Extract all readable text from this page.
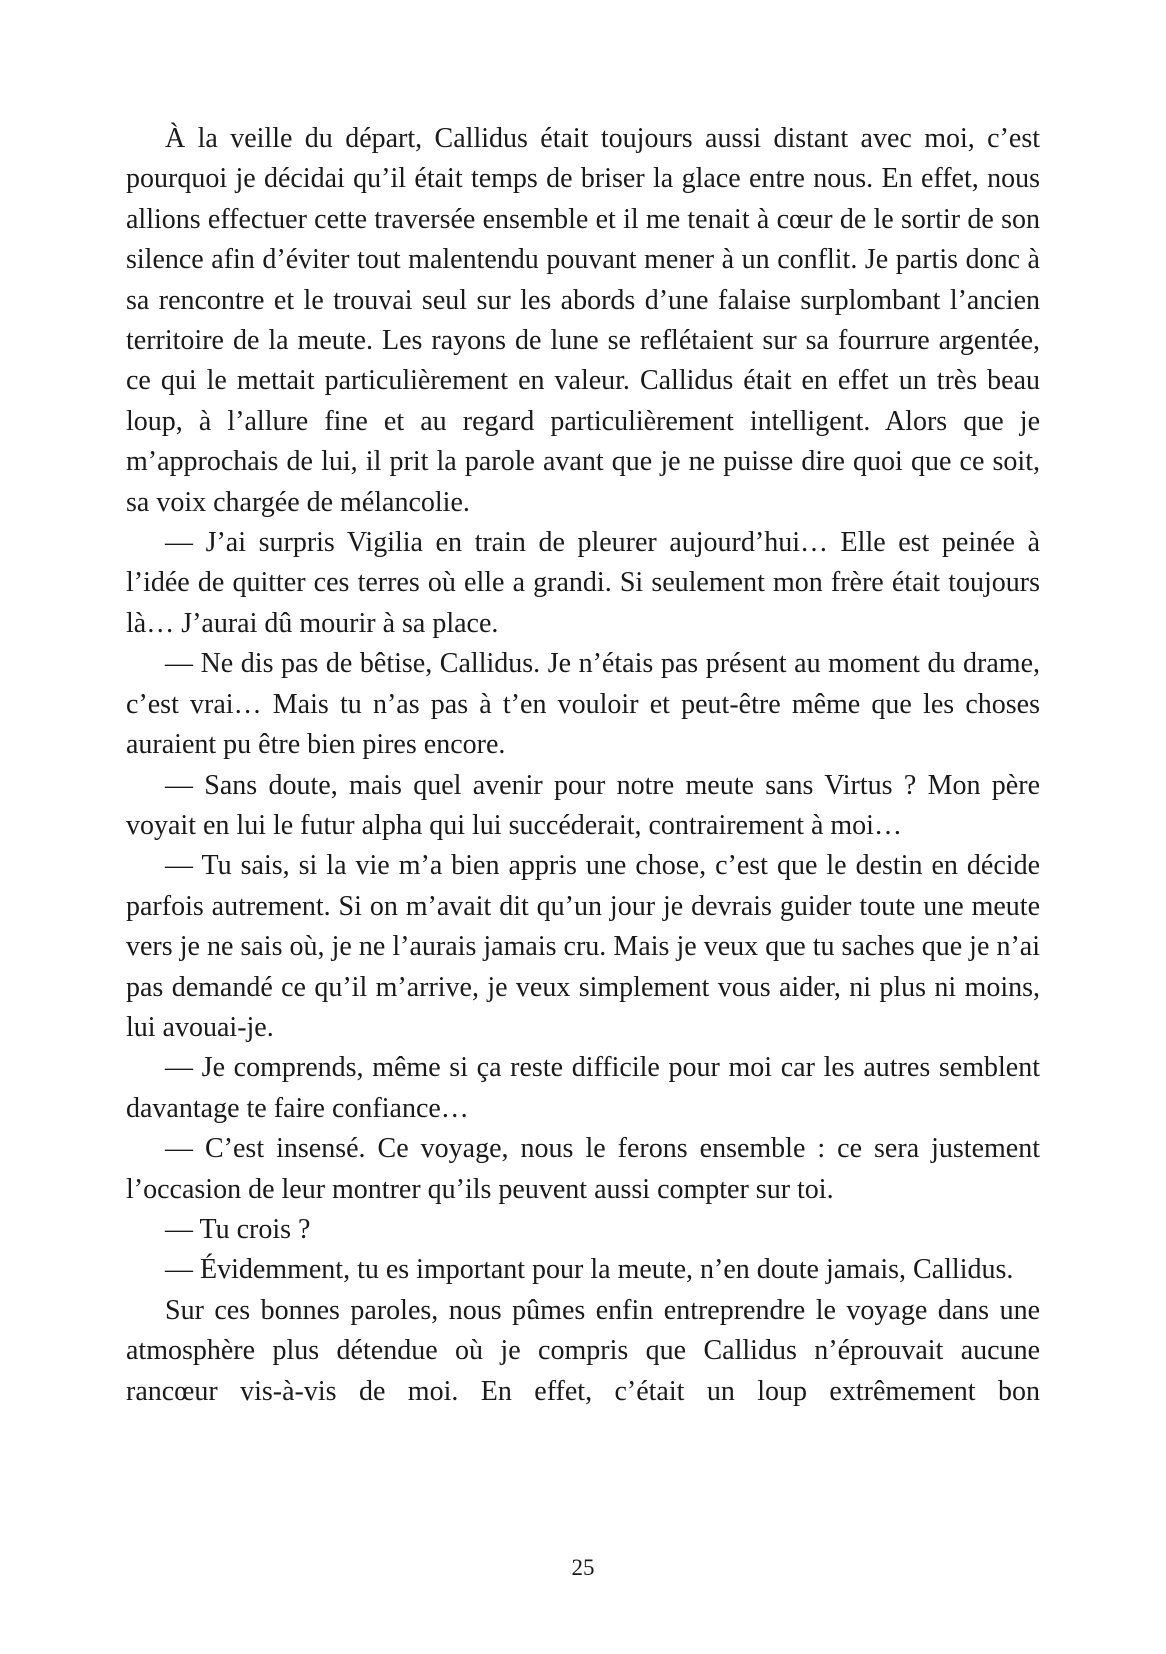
À la veille du départ, Callidus était toujours aussi distant avec moi, c’est pourquoi je décidai qu’il était temps de briser la glace entre nous. En effet, nous allions effectuer cette traversée ensemble et il me tenait à cœur de le sortir de son silence afin d’éviter tout malentendu pouvant mener à un conflit. Je partis donc à sa rencontre et le trouvai seul sur les abords d’une falaise surplombant l’ancien territoire de la meute. Les rayons de lune se reflétaient sur sa fourrure argentée, ce qui le mettait particulièrement en valeur. Callidus était en effet un très beau loup, à l’allure fine et au regard particulièrement intelligent. Alors que je m’approchais de lui, il prit la parole avant que je ne puisse dire quoi que ce soit, sa voix chargée de mélancolie.

— J’ai surpris Vigilia en train de pleurer aujourd’hui… Elle est peinée à l’idée de quitter ces terres où elle a grandi. Si seulement mon frère était toujours là… J’aurai dû mourir à sa place.

— Ne dis pas de bêtise, Callidus. Je n’étais pas présent au moment du drame, c’est vrai… Mais tu n’as pas à t’en vouloir et peut-être même que les choses auraient pu être bien pires encore.

— Sans doute, mais quel avenir pour notre meute sans Virtus ? Mon père voyait en lui le futur alpha qui lui succéderait, contrairement à moi…

— Tu sais, si la vie m’a bien appris une chose, c’est que le destin en décide parfois autrement. Si on m’avait dit qu’un jour je devrais guider toute une meute vers je ne sais où, je ne l’aurais jamais cru. Mais je veux que tu saches que je n’ai pas demandé ce qu’il m’arrive, je veux simplement vous aider, ni plus ni moins, lui avouai-je.

— Je comprends, même si ça reste difficile pour moi car les autres semblent davantage te faire confiance…

— C’est insensé. Ce voyage, nous le ferons ensemble : ce sera justement l’occasion de leur montrer qu’ils peuvent aussi compter sur toi.

— Tu crois ?

— Évidemment, tu es important pour la meute, n’en doute jamais, Callidus.

Sur ces bonnes paroles, nous pûmes enfin entreprendre le voyage dans une atmosphère plus détendue où je compris que Callidus n’éprouvait aucune rancœur vis-à-vis de moi. En effet, c’était un loup extrêmement bon

25
